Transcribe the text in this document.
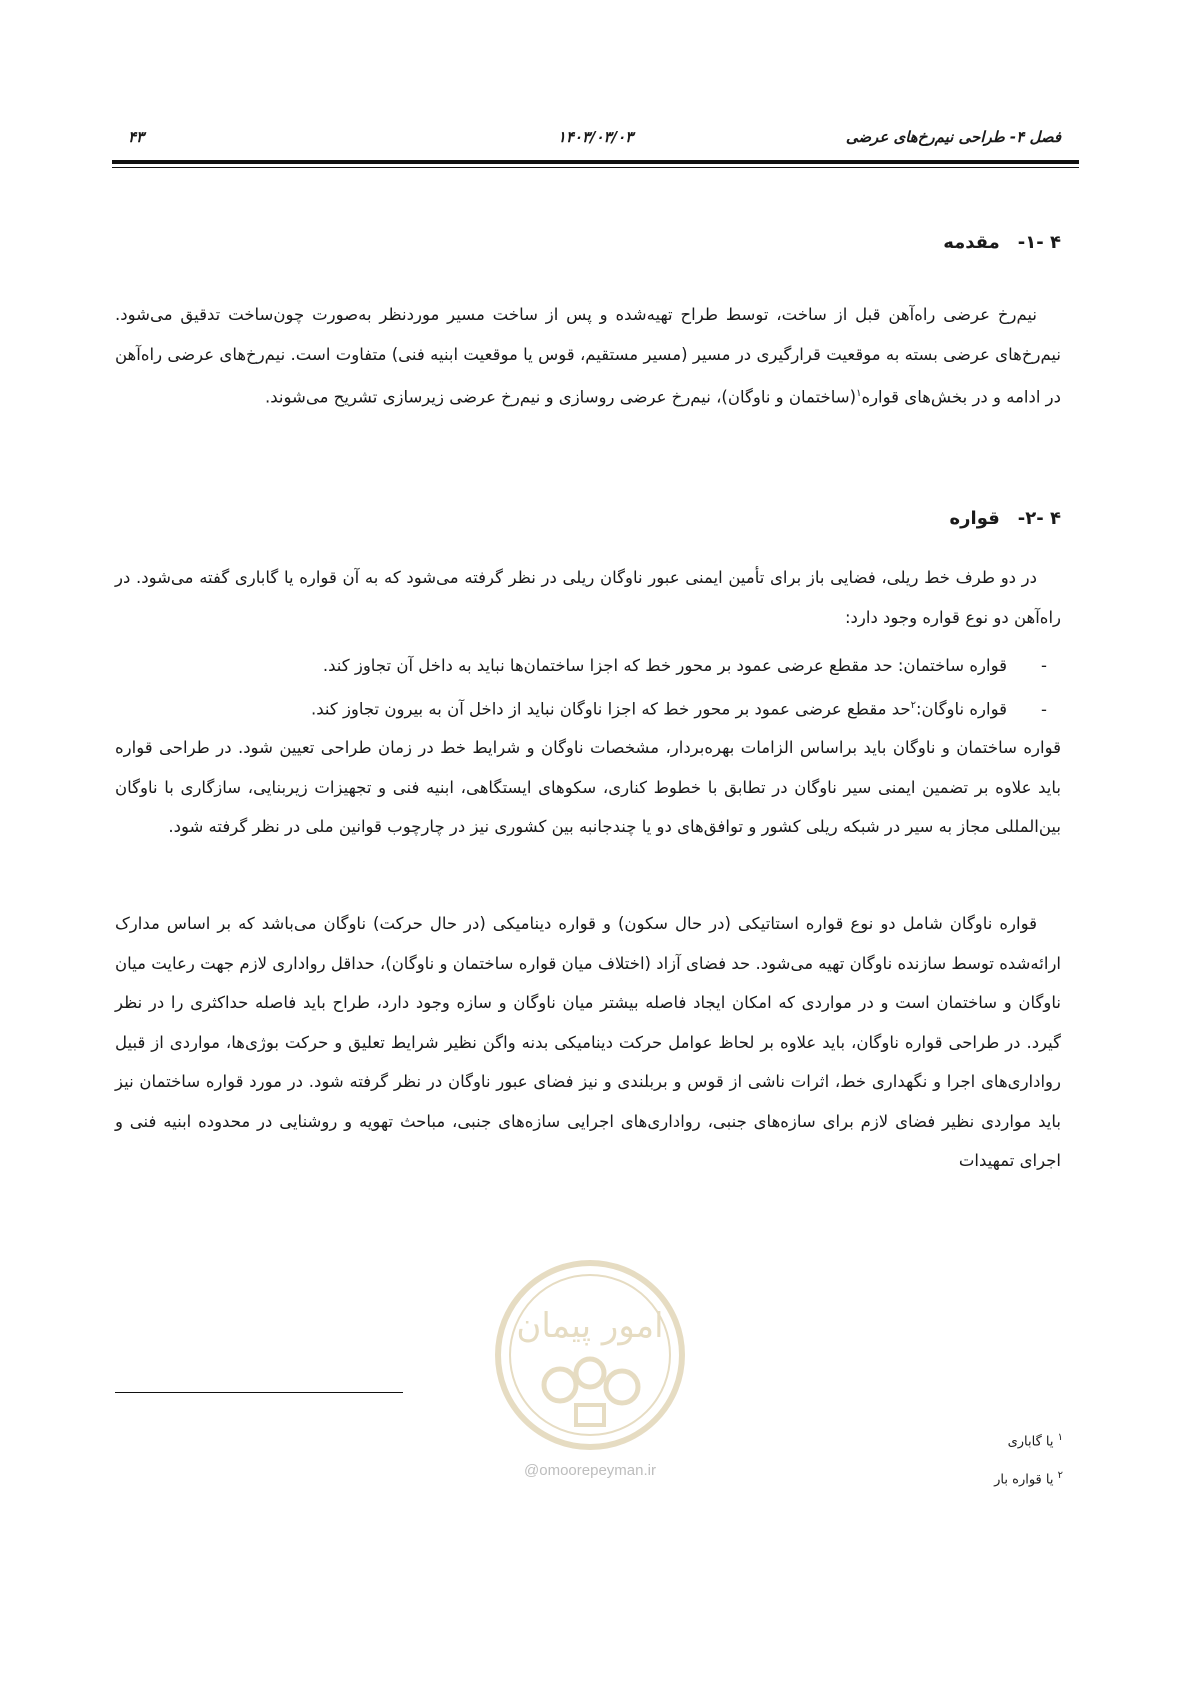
فصل ۴- طراحی نیم‌رخ‌های عرضی
۱۴۰۳/۰۳/۰۳
۴۳
۴ -۱-مقدمه

نیم‌رخ عرضی راه‌آهن قبل از ساخت، توسط طراح تهیه‌شده و پس از ساخت مسیر موردنظر به‌صورت چون‌ساخت تدقیق می‌شود. نیم‌رخ‌های عرضی بسته به موقعیت قرارگیری در مسیر (مسیر مستقیم، قوس یا موقعیت ابنیه فنی) متفاوت است. نیم‌رخ‌های عرضی راه‌آهن در ادامه و در بخش‌های قواره$^۱$(ساختمان و ناوگان)، نیم‌رخ عرضی روسازی و نیم‌رخ عرضی زیرسازی تشریح می‌شوند.

۴ -۲-قواره

در دو طرف خط ریلی، فضایی باز برای تأمین ایمنی عبور ناوگان ریلی در نظر گرفته می‌شود که به آن قواره یا گاباری گفته می‌شود. در راه‌آهن دو نوع قواره وجود دارد:

-قواره ساختمان: حد مقطع عرضی عمود بر محور خط که اجزا ساختمان‌ها نباید به داخل آن تجاوز کند.
-قواره ناوگان:$^۲$حد مقطع عرضی عمود بر محور خط که اجزا ناوگان نباید از داخل آن به بیرون تجاوز کند.

قواره ساختمان و ناوگان باید براساس الزامات بهره‌بردار، مشخصات ناوگان و شرایط خط در زمان طراحی تعیین شود. در طراحی قواره باید علاوه بر تضمین ایمنی سیر ناوگان در تطابق با خطوط کناری، سکوهای ایستگاهی، ابنیه فنی و تجهیزات زیربنایی، سازگاری با ناوگان بین‌المللی مجاز به سیر در شبکه ریلی کشور و توافق‌های دو یا چندجانبه بین کشوری نیز در چارچوب قوانین ملی در نظر گرفته شود.

قواره ناوگان شامل دو نوع قواره استاتیکی (در حال سکون) و قواره دینامیکی (در حال حرکت) ناوگان می‌باشد که بر اساس مدارک ارائه‌شده توسط سازنده ناوگان تهیه می‌شود. حد فضای آزاد (اختلاف میان قواره ساختمان و ناوگان)، حداقل رواداری لازم جهت رعایت میان ناوگان و ساختمان است و در مواردی که امکان ایجاد فاصله بیشتر میان ناوگان و سازه وجود دارد، طراح باید فاصله حداکثری را در نظر گیرد. در طراحی قواره ناوگان، باید علاوه بر لحاظ عوامل حرکت دینامیکی بدنه واگن نظیر شرایط تعلیق و حرکت بوژی‌ها، مواردی از قبیل رواداری‌های اجرا و نگهداری خط، اثرات ناشی از قوس و بربلندی و نیز فضای عبور ناوگان در نظر گرفته شود. در مورد قواره ساختمان نیز باید مواردی نظیر فضای لازم برای سازه‌های جنبی، رواداری‌های اجرایی سازه‌های جنبی، مباحث تهویه و روشنایی در محدوده ابنیه فنی و اجرای تمهیدات

امور پیمان
@omoorepeyman.ir
$^۱$ یا گاباری
$^۲$ یا قواره بار
